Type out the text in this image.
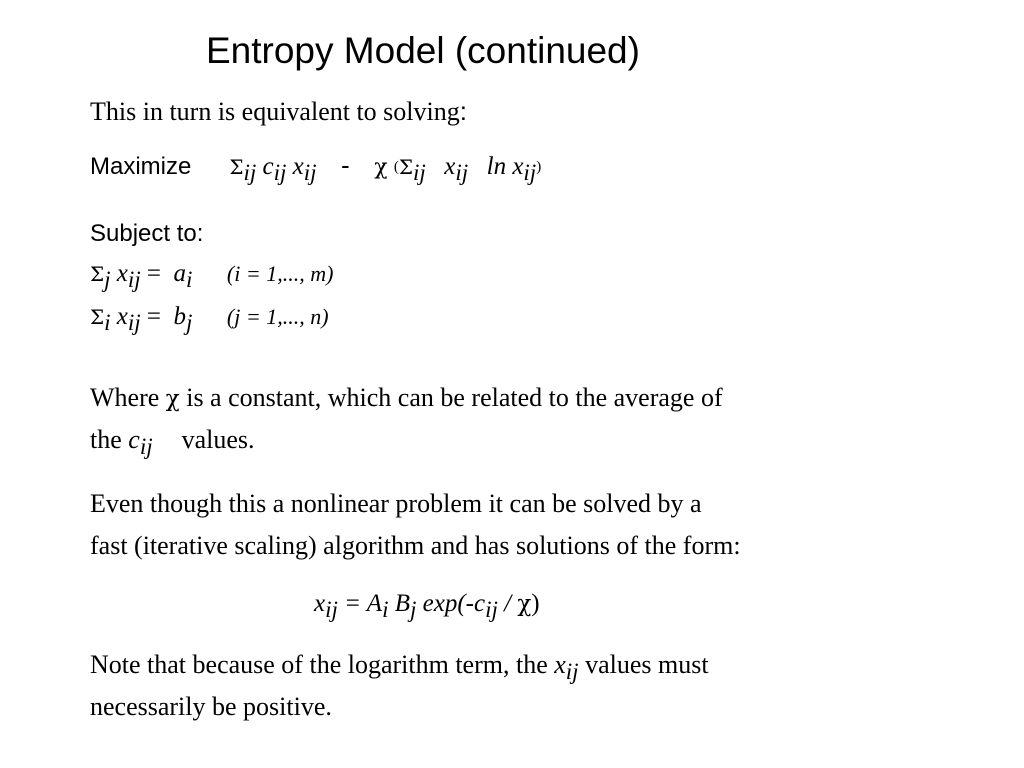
Entropy Model (continued)
This in turn is equivalent to solving:
Maximize Σij cij xij - χ (Σij xij ln xij)
Subject to:
Σj xij =  ai (i = 1,..., m)
Σi xij =  bj (j = 1,..., n)
Where χ is a constant, which can be related to the average of
the cij values.
Even though this a nonlinear problem it can be solved by a
fast (iterative scaling) algorithm and has solutions of the form:
xij = Ai Bj exp(-cij / χ)
Note that because of the logarithm term, the xij values must
necessarily be positive.
